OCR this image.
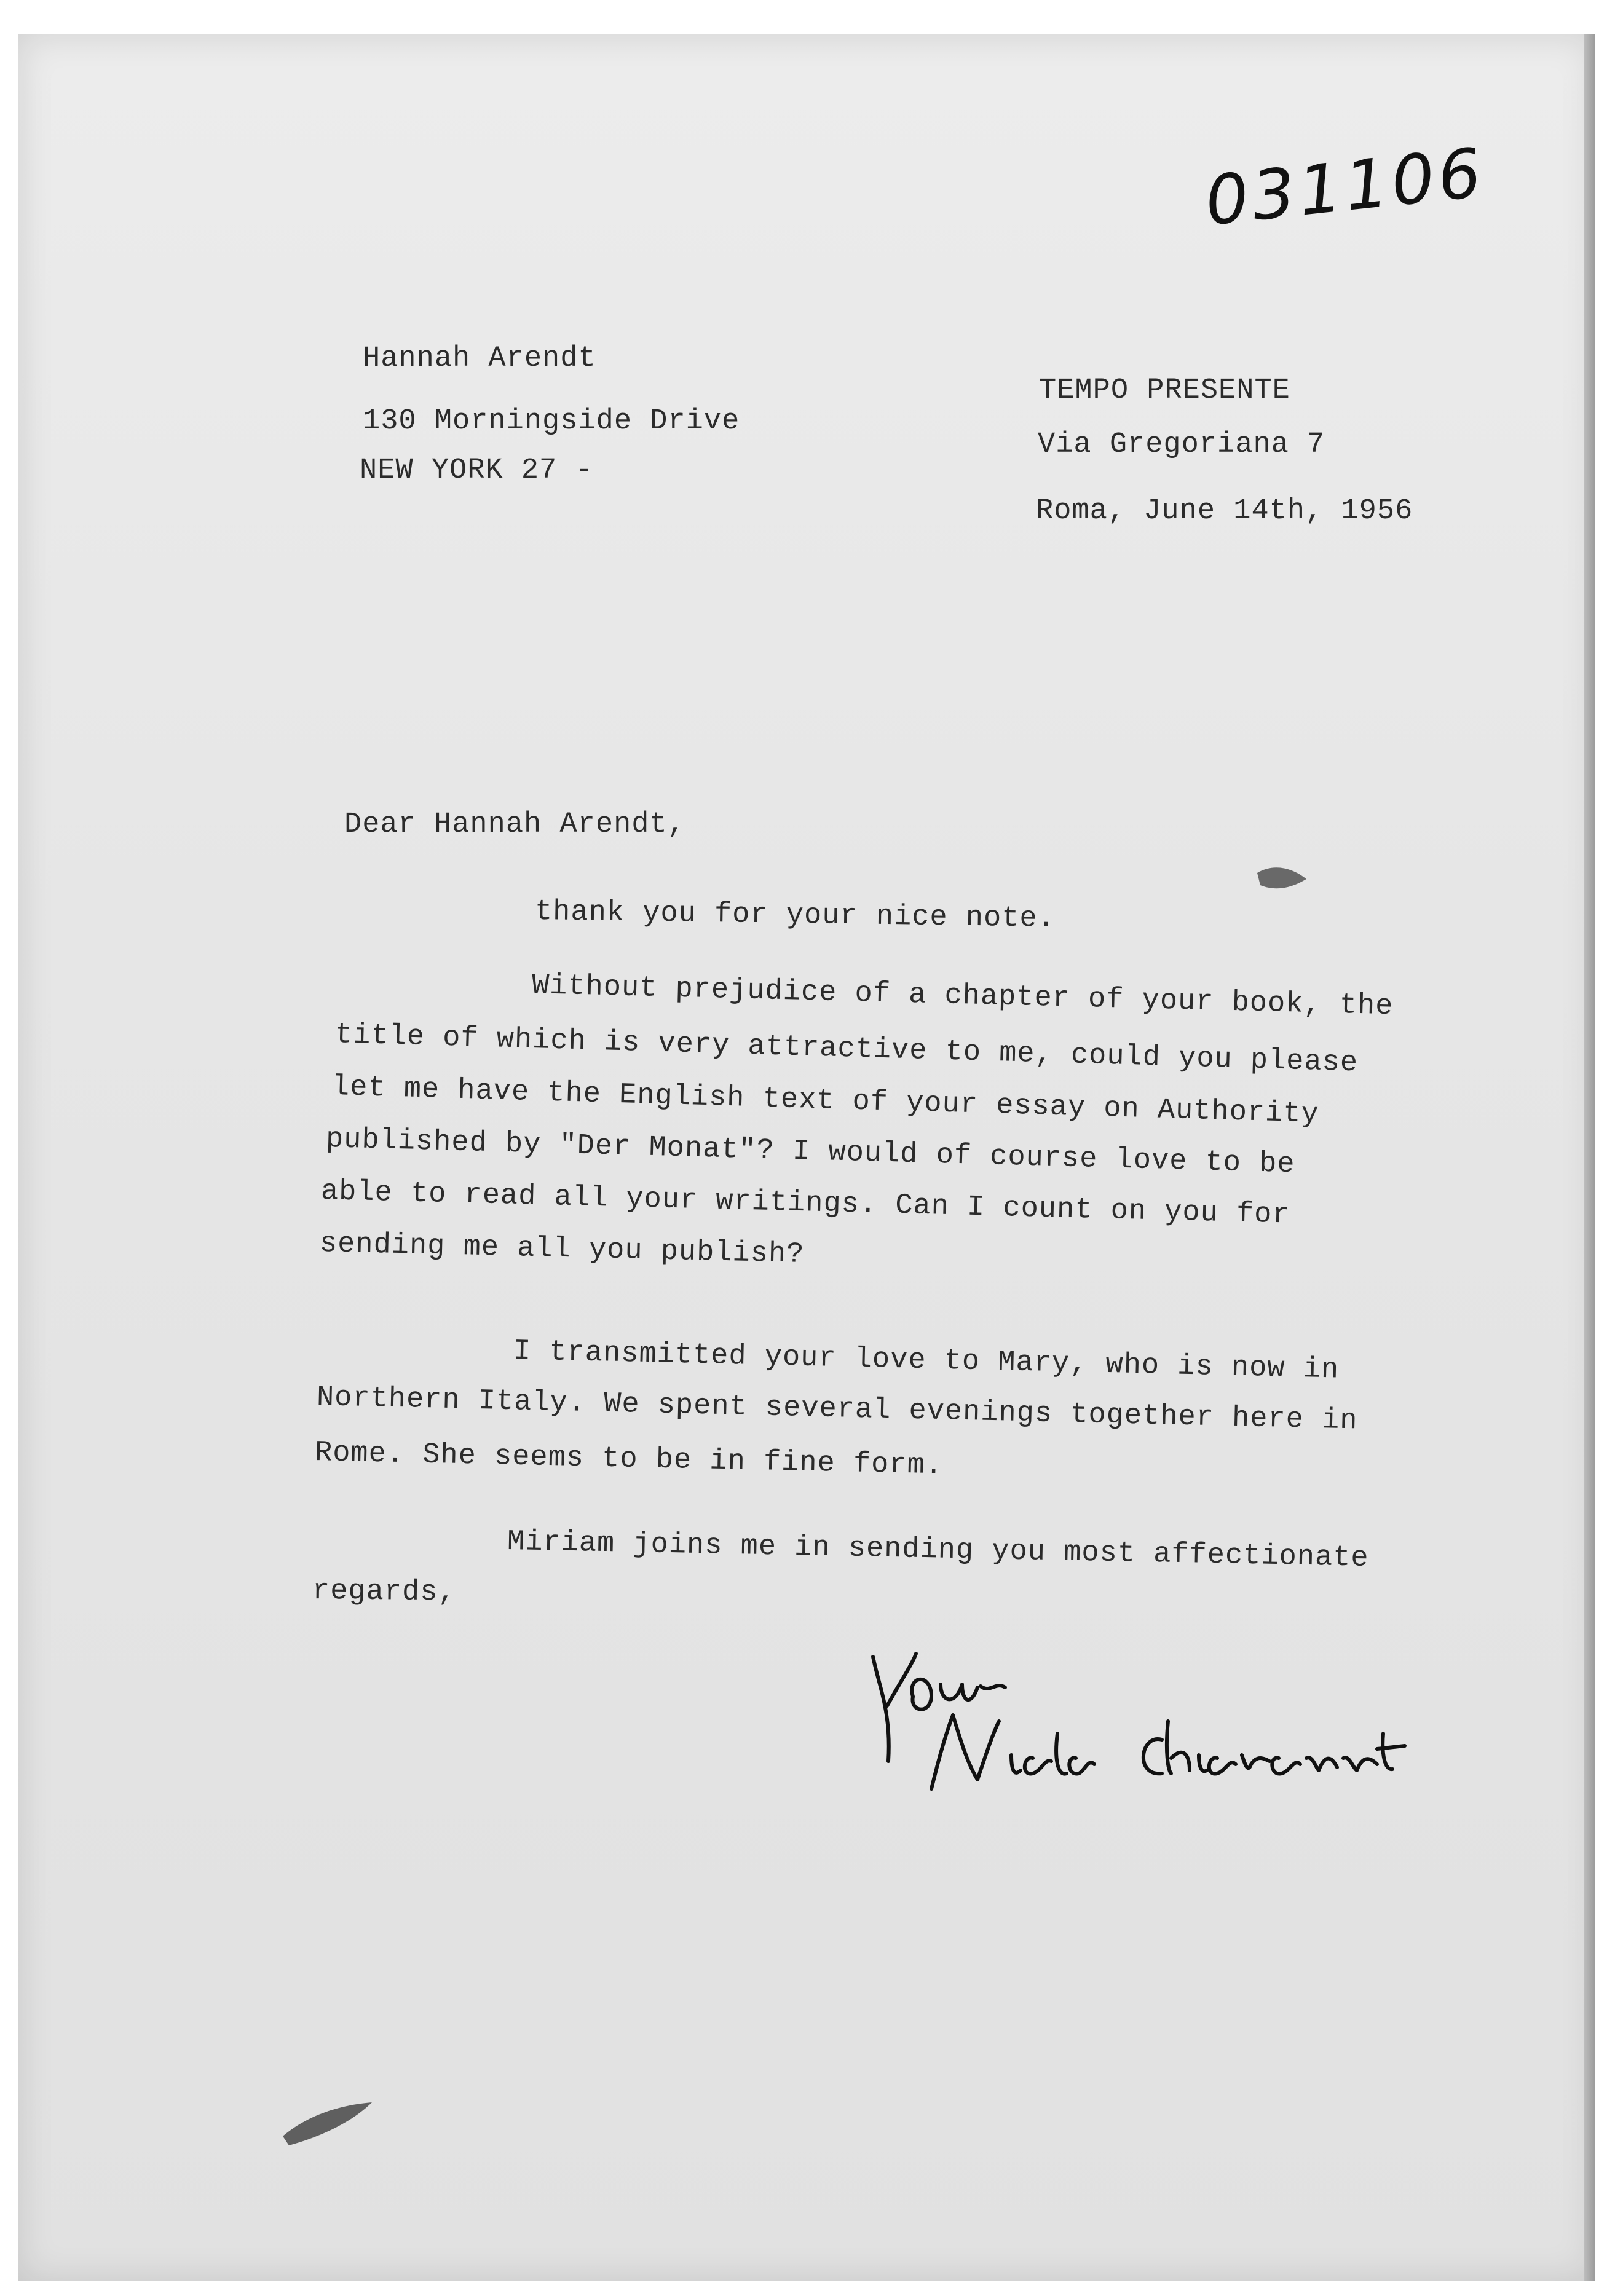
031106
Hannah Arendt
130 Morningside Drive
NEW YORK 27 -
TEMPO PRESENTE
Via Gregoriana 7
Roma, June 14th, 1956
Dear Hannah Arendt,
thank you for your nice note.
Without prejudice of a chapter of your book, the
title of which is very attractive to me, could you please
let me have the English text of your essay on Authority
published by "Der Monat"? I would of course love to be
able to read all your writings. Can I count on you for
sending me all you publish?
I transmitted your love to Mary, who is now in
Northern Italy. We spent several evenings together here in
Rome. She seems to be in fine form.
Miriam joins me in sending you most affectionate
regards,
